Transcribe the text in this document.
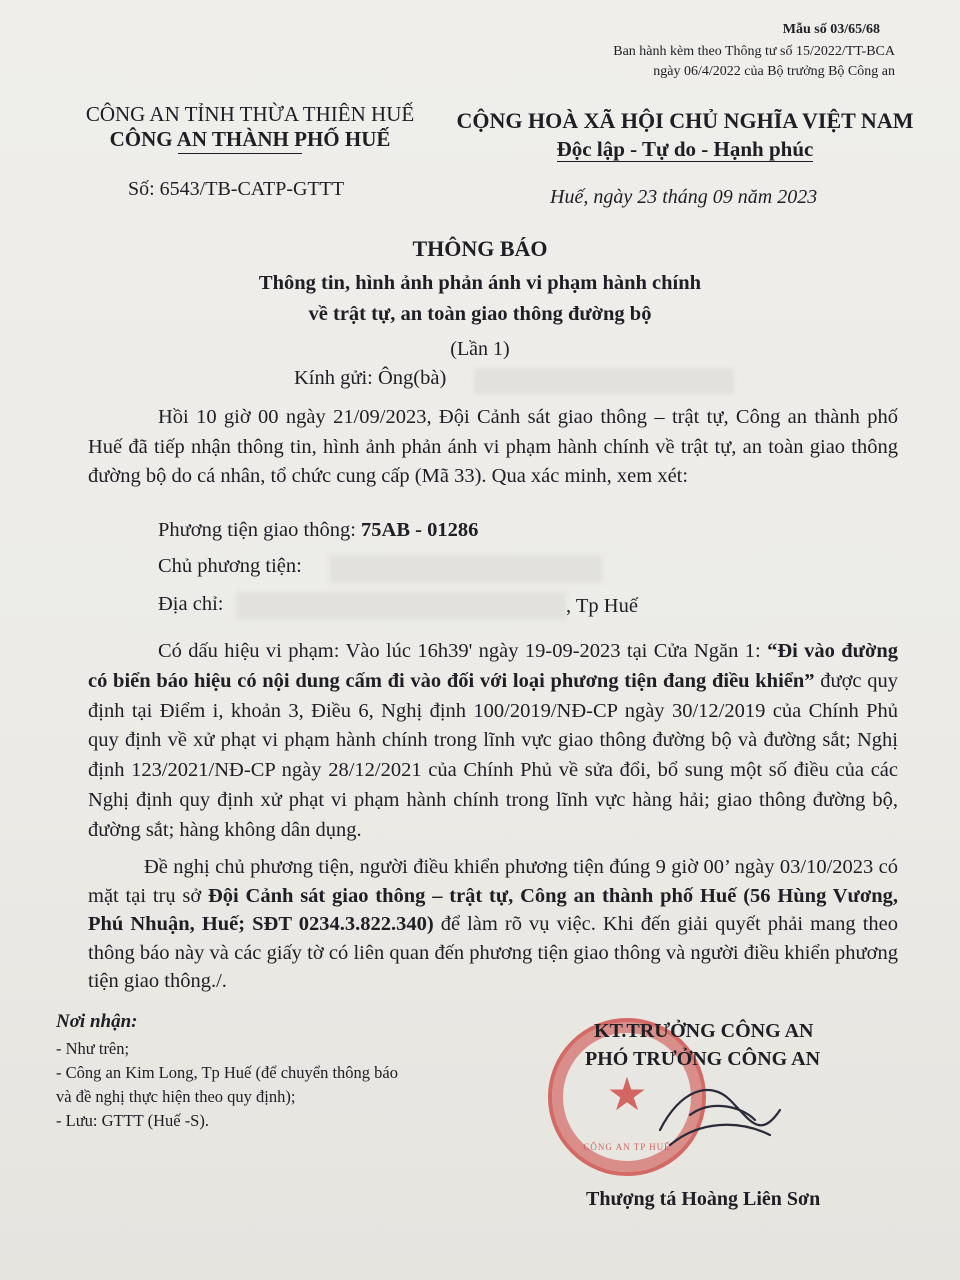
Mẫu số 03/65/68
Ban hành kèm theo Thông tư số 15/2022/TT-BCA
ngày 06/4/2022 của Bộ trưởng Bộ Công an
CÔNG AN TỈNH THỪA THIÊN HUẾ
CÔNG AN THÀNH PHỐ HUẾ
Số: 6543/TB-CATP-GTTT
CỘNG HOÀ XÃ HỘI CHỦ NGHĨA VIỆT NAM
Độc lập - Tự do - Hạnh phúc
Huế, ngày 23 tháng 09 năm 2023
THÔNG BÁO
Thông tin, hình ảnh phản ánh vi phạm hành chính
về trật tự, an toàn giao thông đường bộ
(Lần 1)
Kính gửi: Ông(bà)
Hồi 10 giờ 00 ngày 21/09/2023, Đội Cảnh sát giao thông – trật tự, Công an thành phố Huế đã tiếp nhận thông tin, hình ảnh phản ánh vi phạm hành chính về trật tự, an toàn giao thông đường bộ do cá nhân, tổ chức cung cấp (Mã 33). Qua xác minh, xem xét:
Phương tiện giao thông: 75AB - 01286
Chủ phương tiện:
Địa chỉ:	, Tp Huế
Có dấu hiệu vi phạm: Vào lúc 16h39' ngày 19-09-2023 tại Cửa Ngăn 1: “Đi vào đường có biển báo hiệu có nội dung cấm đi vào đối với loại phương tiện đang điều khiển” được quy định tại Điểm i, khoản 3, Điều 6, Nghị định 100/2019/NĐ-CP ngày 30/12/2019 của Chính Phủ quy định về xử phạt vi phạm hành chính trong lĩnh vực giao thông đường bộ và đường sắt; Nghị định 123/2021/NĐ-CP ngày 28/12/2021 của Chính Phủ về sửa đổi, bổ sung một số điều của các Nghị định quy định xử phạt vi phạm hành chính trong lĩnh vực hàng hải; giao thông đường bộ, đường sắt; hàng không dân dụng.
Đề nghị chủ phương tiện, người điều khiển phương tiện đúng 9 giờ 00’ ngày 03/10/2023 có mặt tại trụ sở Đội Cảnh sát giao thông – trật tự, Công an thành phố Huế (56 Hùng Vương, Phú Nhuận, Huế; SĐT 0234.3.822.340) để làm rõ vụ việc. Khi đến giải quyết phải mang theo thông báo này và các giấy tờ có liên quan đến phương tiện giao thông và người điều khiển phương tiện giao thông./.
Nơi nhận:
- Như trên;
- Công an Kim Long, Tp Huế (để chuyển thông báo
và đề nghị thực hiện theo quy định);
- Lưu: GTTT (Huế -S).
★
CÔNG AN TP HUẾ
KT.TRƯỞNG CÔNG AN
PHÓ TRƯỞNG CÔNG AN
Thượng tá Hoàng Liên Sơn
